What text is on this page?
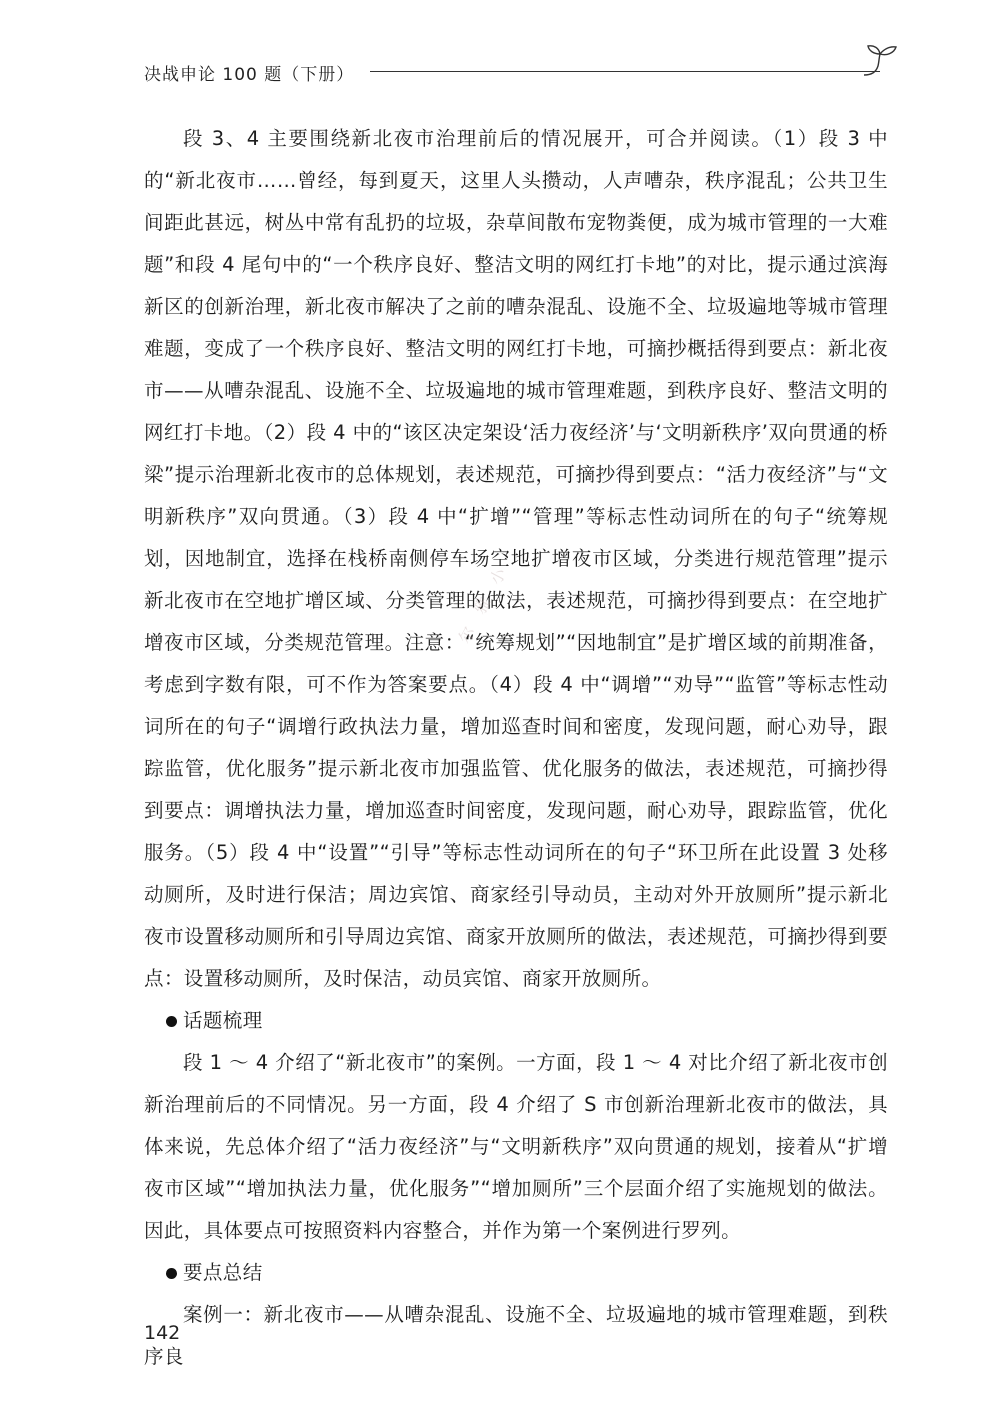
决战申论 100 题（下册）

段 3、4 主要围绕新北夜市治理前后的情况展开，可合并阅读。（1）段 3 中的“新北夜市……曾经，每到夏天，这里人头攒动，人声嘈杂，秩序混乱；公共卫生间距此甚远，树丛中常有乱扔的垃圾，杂草间散布宠物粪便，成为城市管理的一大难题”和段 4 尾句中的“一个秩序良好、整洁文明的网红打卡地”的对比，提示通过滨海新区的创新治理，新北夜市解决了之前的嘈杂混乱、设施不全、垃圾遍地等城市管理难题，变成了一个秩序良好、整洁文明的网红打卡地，可摘抄概括得到要点：新北夜市——从嘈杂混乱、设施不全、垃圾遍地的城市管理难题，到秩序良好、整洁文明的网红打卡地。（2）段 4 中的“该区决定架设‘活力夜经济’与‘文明新秩序’双向贯通的桥梁”提示治理新北夜市的总体规划，表述规范，可摘抄得到要点：“活力夜经济”与“文明新秩序”双向贯通。（3）段 4 中“扩增”“管理”等标志性动词所在的句子“统筹规划，因地制宜，选择在栈桥南侧停车场空地扩增夜市区域，分类进行规范管理”提示新北夜市在空地扩增区域、分类管理的做法，表述规范，可摘抄得到要点：在空地扩增夜市区域，分类规范管理。注意：“统筹规划”“因地制宜”是扩增区域的前期准备，考虑到字数有限，可不作为答案要点。（4）段 4 中“调增”“劝导”“监管”等标志性动词所在的句子“调增行政执法力量，增加巡查时间和密度，发现问题，耐心劝导，跟踪监管，优化服务”提示新北夜市加强监管、优化服务的做法，表述规范，可摘抄得到要点：调增执法力量，增加巡查时间密度，发现问题，耐心劝导，跟踪监管，优化服务。（5）段 4 中“设置”“引导”等标志性动词所在的句子“环卫所在此设置 3 处移动厕所，及时进行保洁；周边宾馆、商家经引导动员，主动对外开放厕所”提示新北夜市设置移动厕所和引导周边宾馆、商家开放厕所的做法，表述规范，可摘抄得到要点：设置移动厕所，及时保洁，动员宾馆、商家开放厕所。

话题梳理

段 1 ～ 4 介绍了“新北夜市”的案例。一方面，段 1 ～ 4 对比介绍了新北夜市创新治理前后的不同情况。另一方面，段 4 介绍了 S 市创新治理新北夜市的做法，具体来说，先总体介绍了“活力夜经济”与“文明新秩序”双向贯通的规划，接着从“扩增夜市区域”“增加执法力量，优化服务”“增加厕所”三个层面介绍了实施规划的做法。因此，具体要点可按照资料内容整合，并作为第一个案例进行罗列。

要点总结

案例一：新北夜市——从嘈杂混乱、设施不全、垃圾遍地的城市管理难题，到秩序良

尔 雅 小
142
